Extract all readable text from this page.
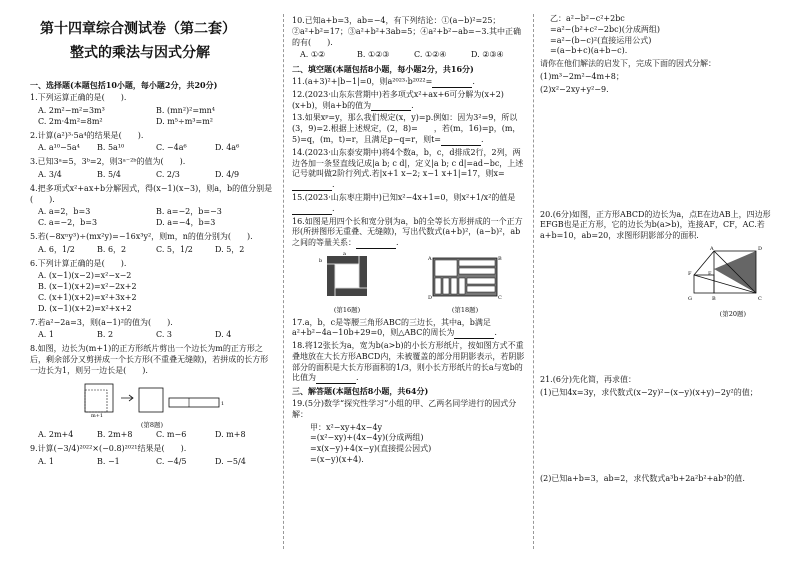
第十四章综合测试卷（第二套）
整式的乘法与因式分解
一、选择题(本题包括10小题，每小题2分，共20分)
1.下列运算正确的是(　　).
A. 2m²−m²=3m³	B. (mn²)²=mn⁴
C. 2m·4m²=8m²	D. m⁵÷m³=m²
2.计算(a²)³·5a⁴的结果是(　　).
A. a¹⁰−5a⁴	B. 5a¹⁰	C. −4a⁶	D. 4a⁶
3.已知3ᵃ=5，3ᵇ=2，则3ᵃ⁻²ᵇ的值为(　　).
A. 3/4	B. 5/4	C. 2/3	D. 4/9
4.把多项式x²+ax+b分解因式，得(x−1)(x−3)，则a，b的值分别是(　　).
A. a=2，b=3	B. a=−2，b=−3
C. a=−2，b=3	D. a=−4，b=3
5.若(−8xⁿy³)÷(mx²y)=−16x³y²，则m，n的值分别为(　　).
A. 6，1/2	B. 6，2	C. 5，1/2	D. 5，2
6.下列计算正确的是(　　).
A. (x−1)(x−2)=x²−x−2
B. (x−1)(x+2)=x²−2x+2
C. (x+1)(x+2)=x²+3x+2
D. (x−1)(x+2)=x²+x+2
7.若a²−2a=3，则(a−1)²的值为(　　).
A. 1	B. 2	C. 3	D. 4
8.如图，边长为(m+1)的正方形纸片剪出一个边长为m的正方形之后，剩余部分又剪拼成一个长方形(不重叠无缝隙)，若拼成的长方形一边长为1，则另一边长是(　　).
m+1
1
(第8题)
A. 2m+4	B. 2m+8	C. m−6	D. m+8
9.计算(−3/4)²⁰²²×(−0.8)²⁰²¹结果是(　　).
A. 1	B. −1	C. −4/5	D. −5/4
10.已知a+b=3，ab=−4，有下列结论：①(a−b)²=25；②a²+b²=17；③a²+b²+3ab=5；④a²+b²−ab=−3.其中正确的有(　　).
A. ①②	B. ①②③	C. ①②④	D. ②③④
二、填空题(本题包括8小题，每小题2分，共16分)
11.(a+3)²+|b−1|=0，则a²⁰²³·b²⁰²²=	.
12.(2023·山东东营期中)若多项式x²+ax+6可分解为(x+2)(x+b)，则a+b的值为	.
13.如果xᵖ=y，那么我们规定(x，y)=p.例如：因为3²=9，所以(3，9)=2.根据上述规定，(2，8)=　　，若(m，16)=p，(m，5)=q，(m，t)=r，且满足p−q=r，则t=	.
14.(2023·山东泰安期中)将4个数a，b，c，d排成2行，2列，两边各加一条竖直线记成|a b; c d|，定义|a b; c d|=ad−bc，上述记号就叫做2阶行列式.若|x+1 x−2; x−1 x+1|=17，则x=.
15.(2023·山东枣庄期中)已知x²−4x+1=0，则x²+1/x²的值是.
16.如图是用四个长和宽分别为a，b的全等长方形拼成的一个正方形(所拼图形无重叠、无缝隙)，写出代数式(a+b)²，(a−b)²，ab之间的等量关系：	.
b
a
(第16题)
A	B
D	C
(第18题)
17.a，b，c是等腰三角形ABC的三边长，其中a，b满足a²+b²−4a−10b+29=0，则△ABC的周长为	.
18.将12张长为a，宽为b(a>b)的小长方形纸片，按如图方式不重叠地放在大长方形ABCD内，未被覆盖的部分用阴影表示，若阴影部分的面积是大长方形面积的1/3，则小长方形纸片的长a与宽b的比值为	.
三、解答题(本题包括8小题，共64分)
19.(5分)数学“探究性学习”小组的甲、乙两名同学进行的因式分解：
甲：x²−xy+4x−4y
=(x²−xy)+(4x−4y)(分成两组)
=x(x−y)+4(x−y)(直接提公因式)
=(x−y)(x+4).
乙：a²−b²−c²+2bc
=a²−(b²+c²−2bc)(分成两组)
=a²−(b−c)²(直接运用公式)
=(a−b+c)(a+b−c).
请你在他们解法的启发下，完成下面的因式分解：
(1)m³−2m²−4m+8；
(2)x²−2xy+y²−9.
20.(6分)如图，正方形ABCD的边长为a，点E在边AB上，四边形EFGB也是正方形，它的边长为b(a>b)，连接AF，CF，AC.若a+b=10，ab=20，求图形阴影部分的面积.
A
E
D
F
G	B	C
(第20题)
21.(6分)先化简，再求值：
(1)已知4x=3y，求代数式(x−2y)²−(x−y)(x+y)−2y²的值；
(2)已知a+b=3，ab=2，求代数式a³b+2a²b²+ab³的值.
